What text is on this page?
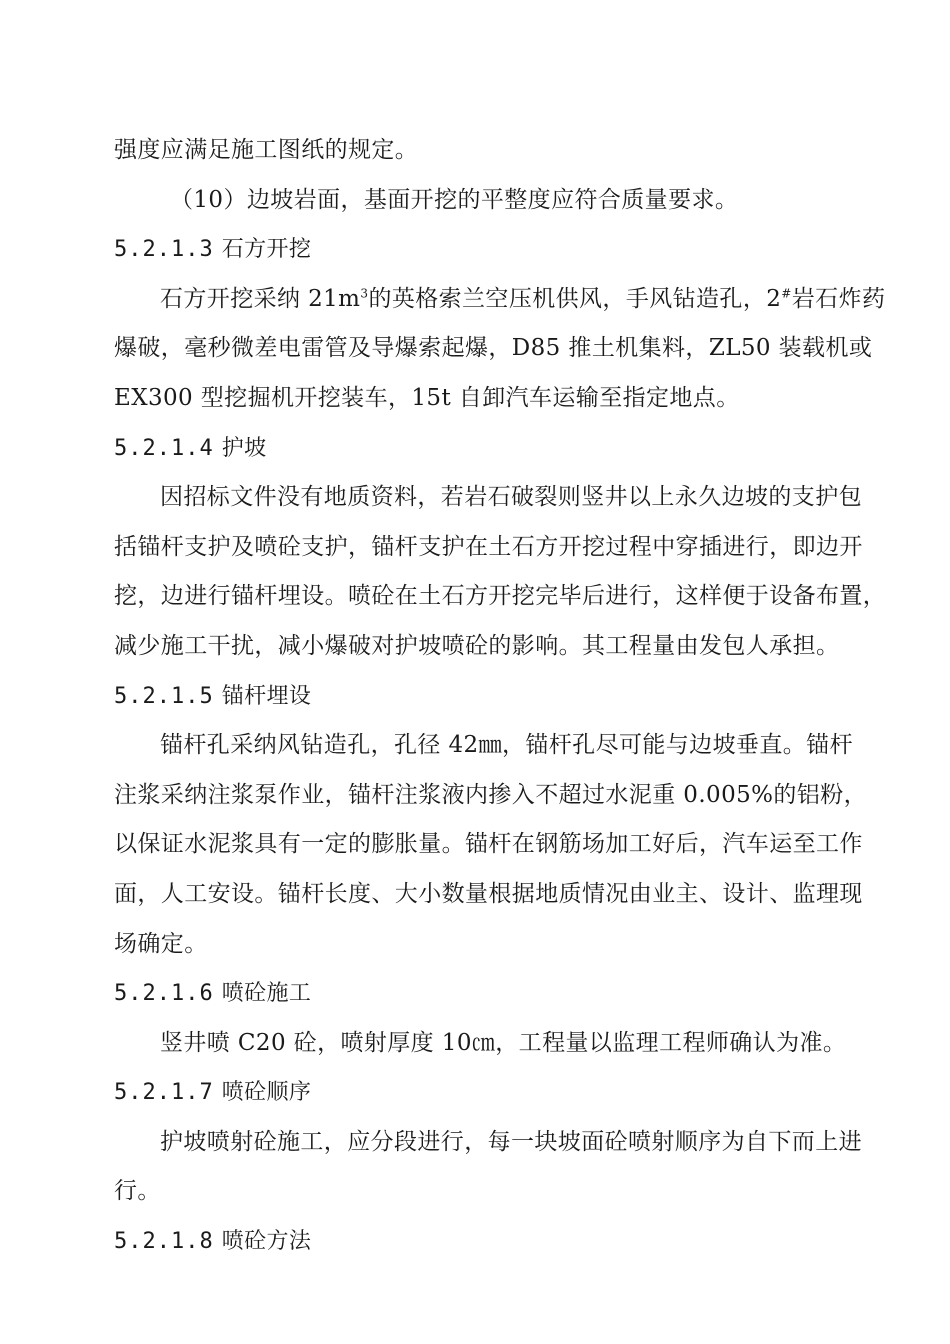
强度应满足施工图纸的规定。
（10）边坡岩面，基面开挖的平整度应符合质量要求。
5.2.1.3 石方开挖
石方开挖采纳 $21m^3$的英格索兰空压机供风，手风钻造孔，2#岩石炸药
爆破，毫秒微差电雷管及导爆索起爆，D85 推土机集料，ZL50 装载机或
EX300 型挖掘机开挖装车，15t 自卸汽车运输至指定地点。
5.2.1.4 护坡
因招标文件没有地质资料，若岩石破裂则竖井以上永久边坡的支护包
括锚杆支护及喷砼支护，锚杆支护在土石方开挖过程中穿插进行，即边开
挖，边进行锚杆埋设。喷砼在土石方开挖完毕后进行，这样便于设备布置，
减少施工干扰，减小爆破对护坡喷砼的影响。其工程量由发包人承担。
5.2.1.5 锚杆埋设
锚杆孔采纳风钻造孔，孔径 42㎜，锚杆孔尽可能与边坡垂直。锚杆
注浆采纳注浆泵作业，锚杆注浆液内掺入不超过水泥重 0.005%的铝粉，
以保证水泥浆具有一定的膨胀量。锚杆在钢筋场加工好后，汽车运至工作
面，人工安设。锚杆长度、大小数量根据地质情况由业主、设计、监理现
场确定。
5.2.1.6 喷砼施工
竖井喷 C20 砼，喷射厚度 10㎝，工程量以监理工程师确认为准。
5.2.1.7 喷砼顺序
护坡喷射砼施工，应分段进行，每一块坡面砼喷射顺序为自下而上进
行。
5.2.1.8 喷砼方法
